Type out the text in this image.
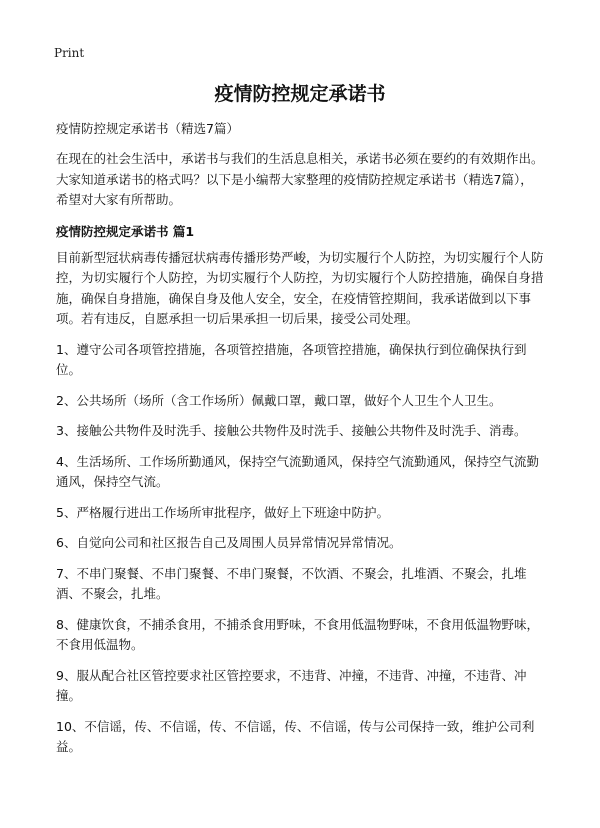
Print
疫情防控规定承诺书
疫情防控规定承诺书（精选7篇）
在现在的社会生活中，承诺书与我们的生活息息相关，承诺书必须在要约的有效期作出。大家知道承诺书的格式吗？以下是小编帮大家整理的疫情防控规定承诺书（精选7篇），希望对大家有所帮助。
疫情防控规定承诺书 篇1
目前新型冠状病毒传播冠状病毒传播形势严峻，为切实履行个人防控，为切实履行个人防控，为切实履行个人防控，为切实履行个人防控，为切实履行个人防控措施，确保自身措施，确保自身措施，确保自身及他人安全，安全，在疫情管控期间，我承诺做到以下事项。若有违反，自愿承担一切后果承担一切后果，接受公司处理。
1、遵守公司各项管控措施，各项管控措施，各项管控措施，确保执行到位确保执行到位。
2、公共场所（场所（含工作场所）佩戴口罩，戴口罩，做好个人卫生个人卫生。
3、接触公共物件及时洗手、接触公共物件及时洗手、接触公共物件及时洗手、消毒。
4、生活场所、工作场所勤通风，保持空气流勤通风，保持空气流勤通风，保持空气流勤通风，保持空气流。
5、严格履行进出工作场所审批程序，做好上下班途中防护。
6、自觉向公司和社区报告自己及周围人员异常情况异常情况。
7、不串门聚餐、不串门聚餐、不串门聚餐，不饮酒、不聚会，扎堆酒、不聚会，扎堆酒、不聚会，扎堆。
8、健康饮食，不捕杀食用，不捕杀食用野味，不食用低温物野味，不食用低温物野味，不食用低温物。
9、服从配合社区管控要求社区管控要求，不违背、冲撞，不违背、冲撞，不违背、冲撞。
10、不信谣，传、不信谣，传、不信谣，传、不信谣，传与公司保持一致，维护公司利益。
